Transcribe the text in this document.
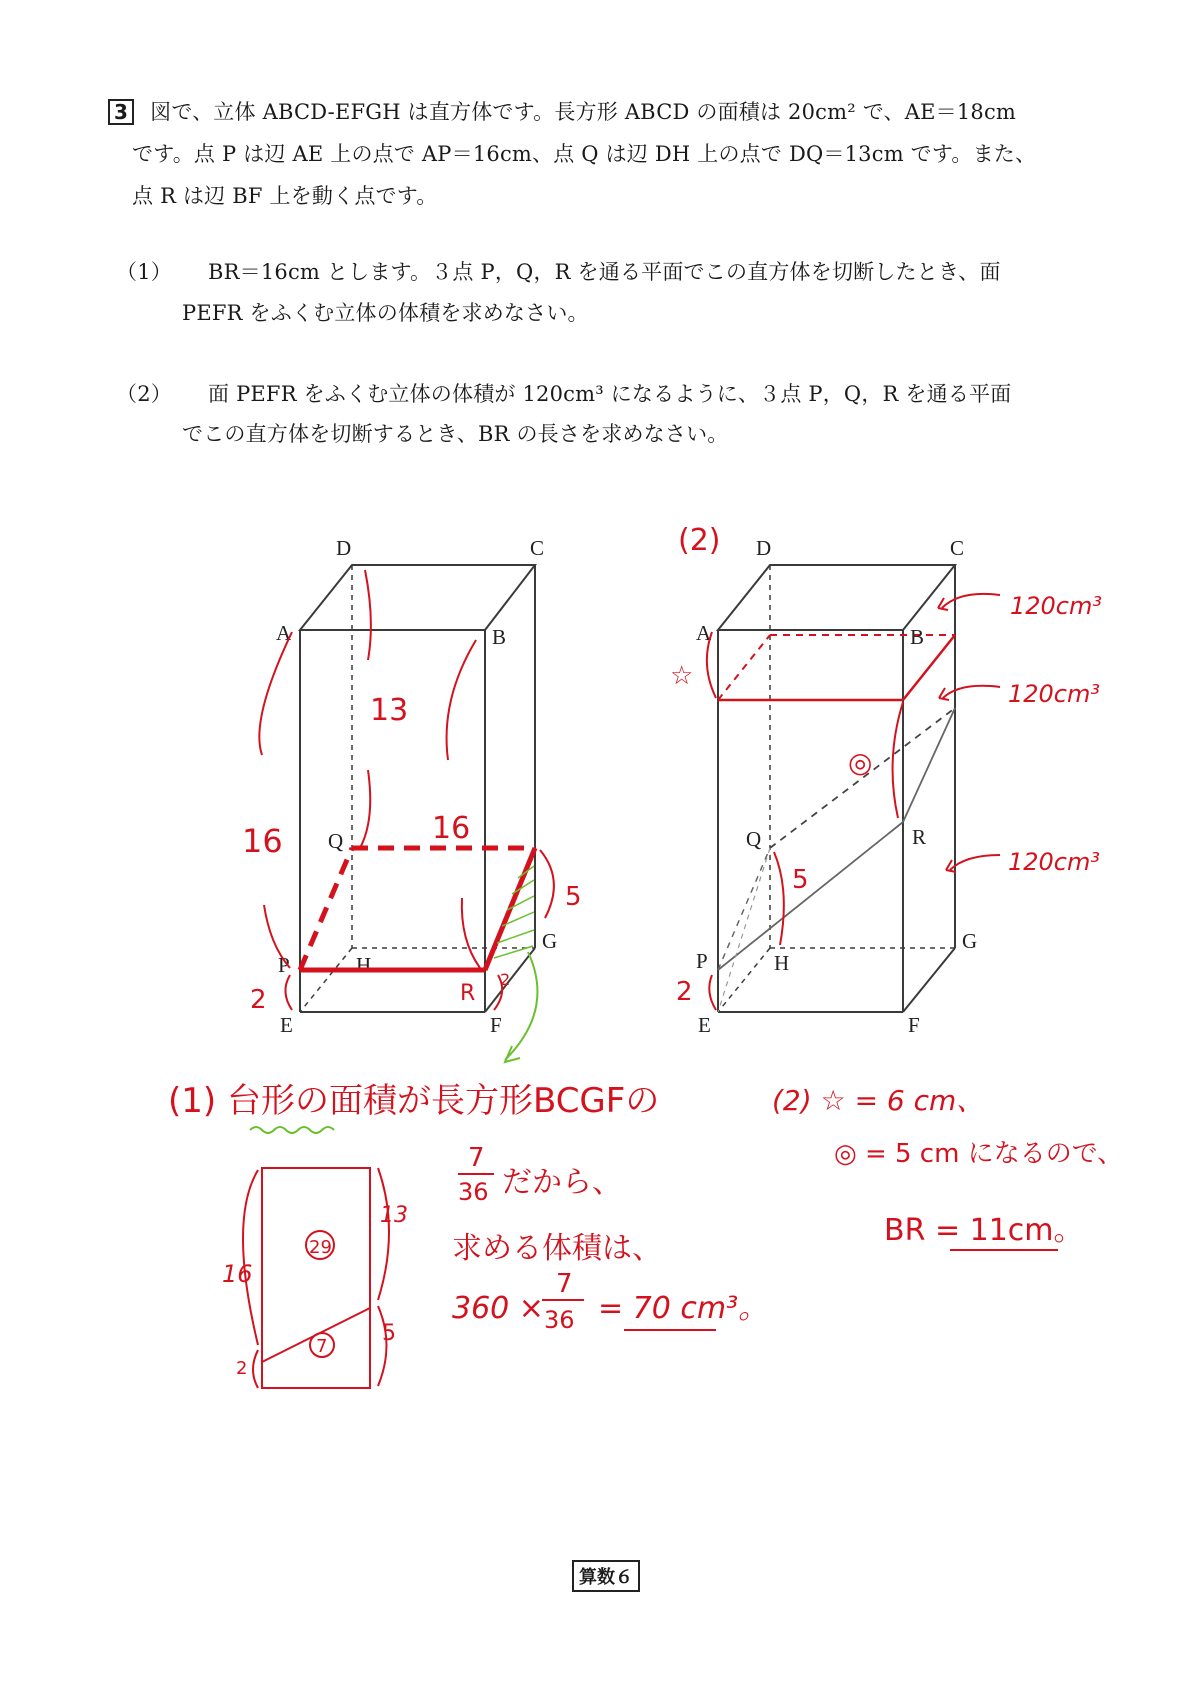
3 図で、立体 ABCD-EFGH は直方体です。長方形 ABCD の面積は 20cm² で、AE＝18cm
です。点 P は辺 AE 上の点で AP＝16cm、点 Q は辺 DH 上の点で DQ＝13cm です。また、
点 R は辺 BF 上を動く点です。
（1） BR＝16cm とします。３点 P，Q，R を通る平面でこの直方体を切断したとき、面
PEFR をふくむ立体の体積を求めなさい。
（2） 面 PEFR をふくむ立体の体積が 120cm³ になるように、３点 P，Q，R を通る平面
でこの直方体を切断するとき、BR の長さを求めなさい。
D	C
A	B
Q
G
P	H
E	F
16
13
16
5
2	R
2
D	C
A	B
Q	R
G
P	H
E	F
(2)
120cm³
120cm³
120cm³
☆
◎
5
2
(1) 台形の面積が長方形BCGFの
7
36 だから、
求める体積は、
360 ×
7
36 = 70 cm³。
16
13
29
7
5
2
(2) ☆ = 6 cm、
◎ = 5 cm になるので、
BR = 11cm。
算数６
